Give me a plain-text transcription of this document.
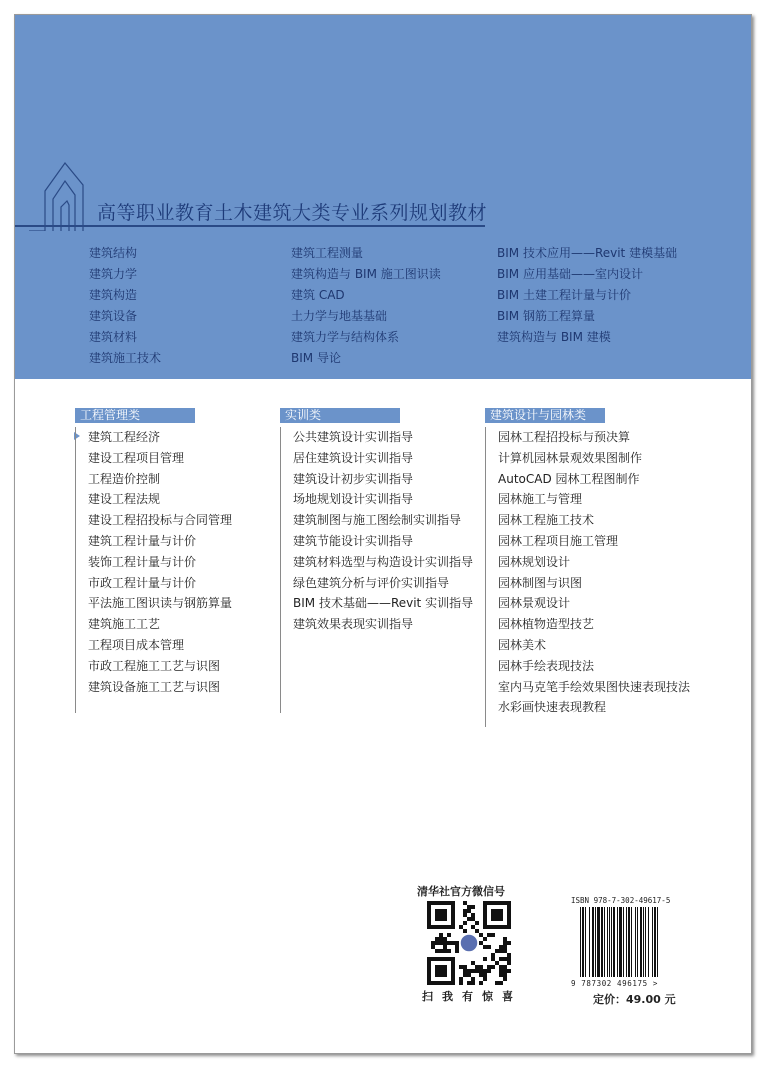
高等职业教育土木建筑大类专业系列规划教材
建筑结构
建筑力学
建筑构造
建筑设备
建筑材料
建筑施工技术
建筑工程测量
建筑构造与 BIM 施工图识读
建筑 CAD
土力学与地基基础
建筑力学与结构体系
BIM 导论
BIM 技术应用——Revit 建模基础
BIM 应用基础——室内设计
BIM 土建工程计量与计价
BIM 钢筋工程算量
建筑构造与 BIM 建模
工程管理类
建筑工程经济
建设工程项目管理
工程造价控制
建设工程法规
建设工程招投标与合同管理
建筑工程计量与计价
装饰工程计量与计价
市政工程计量与计价
平法施工图识读与钢筋算量
建筑施工工艺
工程项目成本管理
市政工程施工工艺与识图
建筑设备施工工艺与识图
实训类
公共建筑设计实训指导
居住建筑设计实训指导
建筑设计初步实训指导
场地规划设计实训指导
建筑制图与施工图绘制实训指导
建筑节能设计实训指导
建筑材料选型与构造设计实训指导
绿色建筑分析与评价实训指导
BIM 技术基础——Revit 实训指导
建筑效果表现实训指导
建筑设计与园林类
园林工程招投标与预决算
计算机园林景观效果图制作
AutoCAD 园林工程图制作
园林施工与管理
园林工程施工技术
园林工程项目施工管理
园林规划设计
园林制图与识图
园林景观设计
园林植物造型技艺
园林美术
园林手绘表现技法
室内马克笔手绘效果图快速表现技法
水彩画快速表现教程
清华社官方微信号
扫我有惊喜
ISBN 978-7-302-49617-5
9 787302 496175 >
定价：49.00 元
